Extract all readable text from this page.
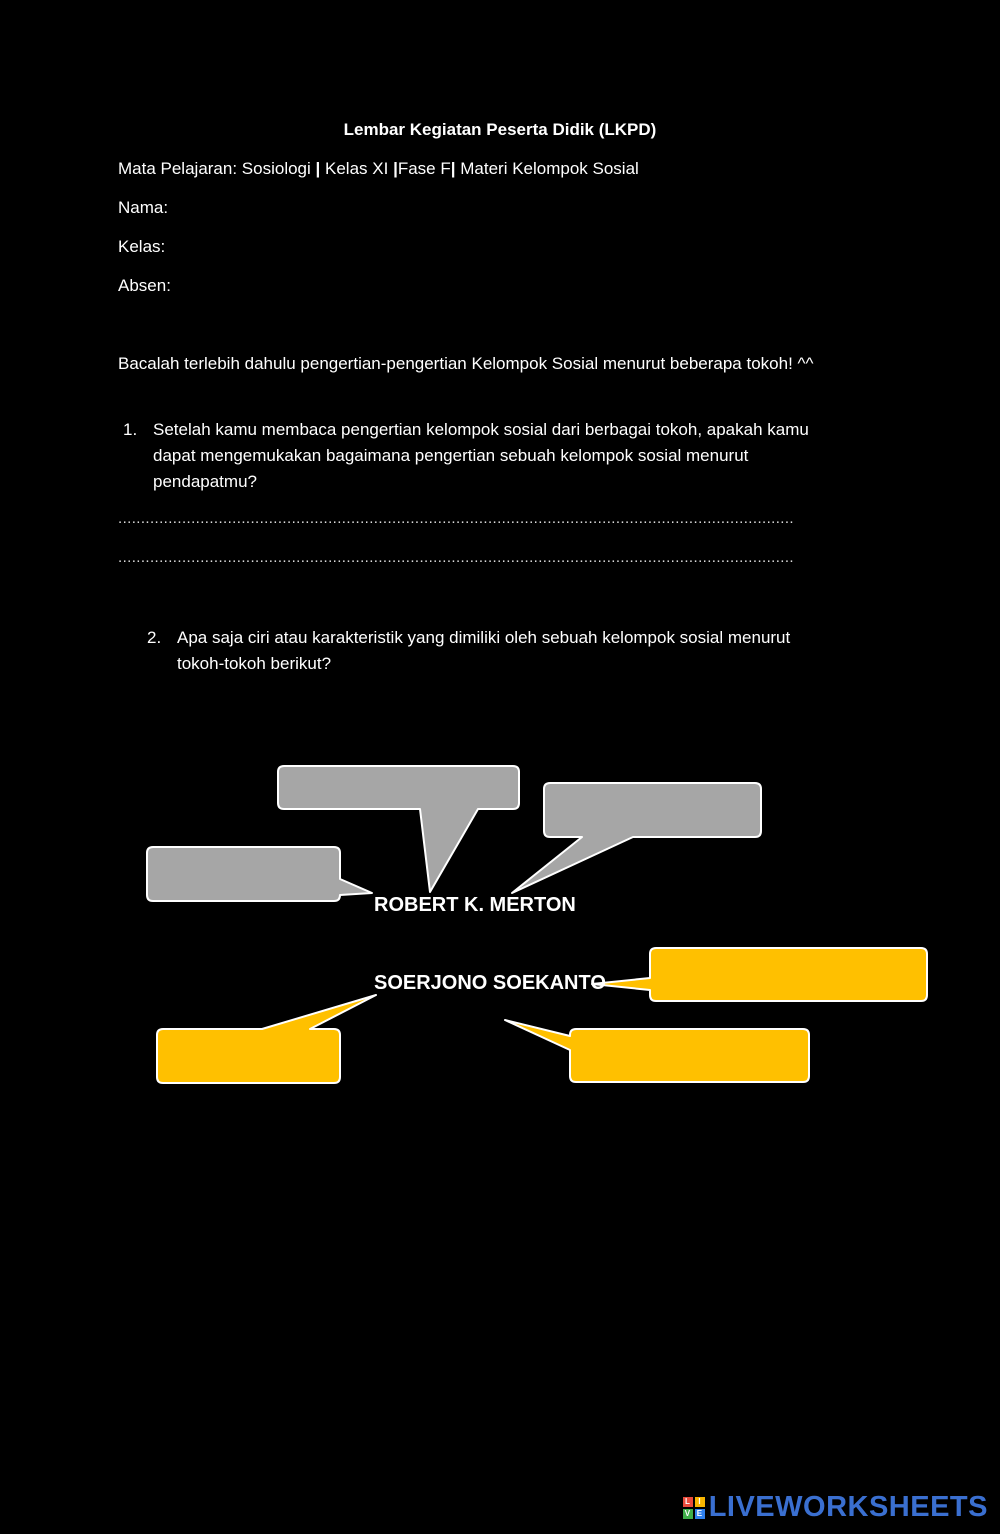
Lembar Kegiatan Peserta Didik (LKPD)
Mata Pelajaran: Sosiologi | Kelas XI |Fase F| Materi Kelompok Sosial
Nama:
Kelas:
Absen:
Bacalah terlebih dahulu pengertian-pengertian Kelompok Sosial menurut beberapa tokoh! ^^
1. Setelah kamu membaca pengertian kelompok sosial dari berbagai tokoh, apakah kamu
dapat mengemukakan bagaimana pengertian sebuah kelompok sosial menurut
pendapatmu?
....................................................................................................................................................
....................................................................................................................................................
2. Apa saja ciri atau karakteristik yang dimiliki oleh sebuah kelompok sosial menurut
tokoh-tokoh berikut?
ROBERT K. MERTON
SOERJONO SOEKANTO
L I
V E LIVEWORKSHEETS
